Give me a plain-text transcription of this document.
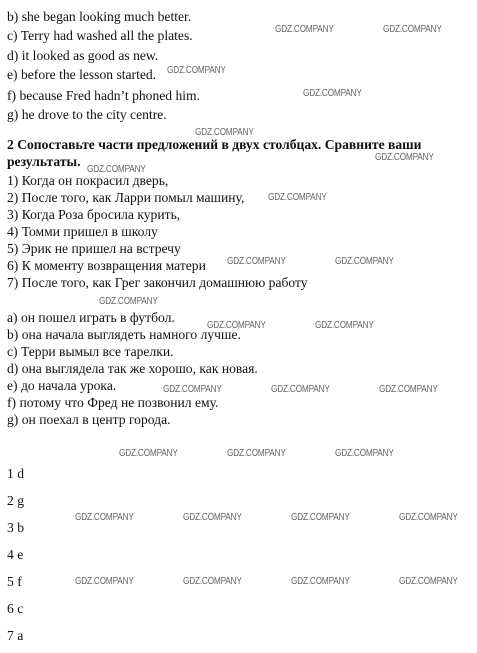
b) she began looking much better.
c) Terry had washed all the plates.
d) it looked as good as new.
e) before the lesson started.
f) because Fred hadn’t phoned him.
g) he drove to the city centre.
2 Сопоставьте части предложений в двух столбцах. Сравните ваши результаты.
1) Когда он покрасил дверь,
2) После того, как Ларри помыл машину,
3) Когда Роза бросила курить,
4) Томми пришел в школу
5) Эрик не пришел на встречу
6) К моменту возвращения матери
7) После того, как Грег закончил домашнюю работу
a) он пошел играть в футбол.
b) она начала выглядеть намного лучше.
c) Терри вымыл все тарелки.
d) она выглядела так же хорошо, как новая.
e) до начала урока.
f) потому что Фред не позвонил ему.
g) он поехал в центр города.
1 d
2 g
3 b
4 e
5 f
6 c
7 a
GDZ.COMPANY	GDZ.COMPANY
GDZ.COMPANY
GDZ.COMPANY
GDZ.COMPANY
GDZ.COMPANY
GDZ.COMPANY
GDZ.COMPANY
GDZ.COMPANY	GDZ.COMPANY
GDZ.COMPANY
GDZ.COMPANY	GDZ.COMPANY
GDZ.COMPANY	GDZ.COMPANY	GDZ.COMPANY
GDZ.COMPANY	GDZ.COMPANY	GDZ.COMPANY
GDZ.COMPANY	GDZ.COMPANY	GDZ.COMPANY	GDZ.COMPANY
GDZ.COMPANY	GDZ.COMPANY	GDZ.COMPANY	GDZ.COMPANY
